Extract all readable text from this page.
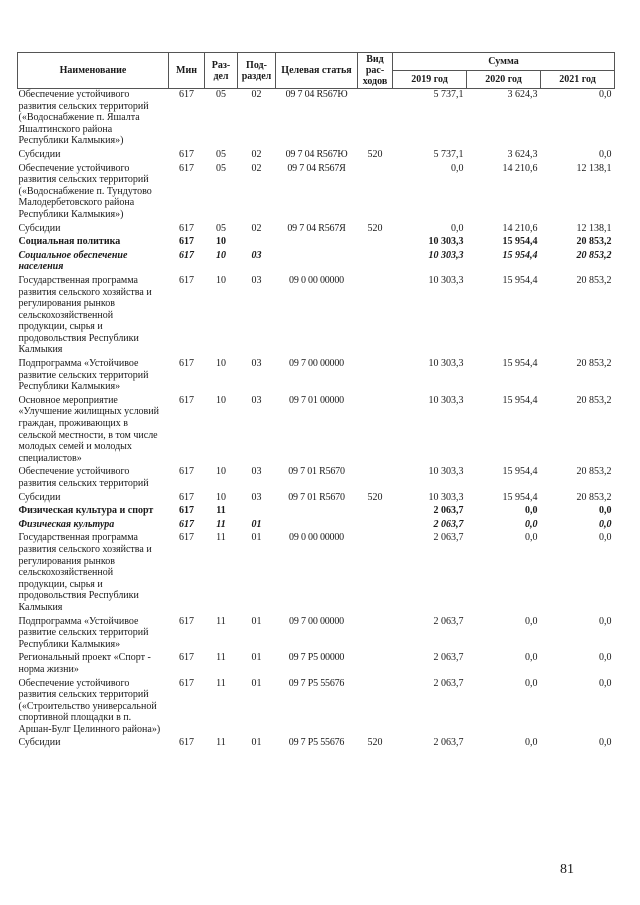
Наименование	Мин	Раз-дел	Под-раздел	Целевая статья	Вид рас-ходов	Сумма		
						2019 год	2020 год	2021 год
Обеспечение устойчивого развития сельских территорий («Водоснабжение п. Яшалта Яшалтинского района Республики Калмыкия»)	617	05	02	09 7 04 R567Ю		5 737,1	3 624,3	0,0
Субсидии	617	05	02	09 7 04 R567Ю	520	5 737,1	3 624,3	0,0
Обеспечение устойчивого развития сельских территорий («Водоснабжение п. Тундутово Малодербетовского района Республики Калмыкия»)	617	05	02	09 7 04 R567Я		0,0	14 210,6	12 138,1
Субсидии	617	05	02	09 7 04 R567Я	520	0,0	14 210,6	12 138,1
Социальная политика	617	10				10 303,3	15 954,4	20 853,2
Социальное обеспечение населения	617	10	03			10 303,3	15 954,4	20 853,2
Государственная программа развития сельского хозяйства и регулирования рынков сельскохозяйственной продукции, сырья и продовольствия Республики Калмыкия	617	10	03	09 0 00 00000		10 303,3	15 954,4	20 853,2
Подпрограмма «Устойчивое развитие сельских территорий Республики Калмыкия»	617	10	03	09 7 00 00000		10 303,3	15 954,4	20 853,2
Основное мероприятие «Улучшение жилищных условий граждан, проживающих в сельской местности, в том числе молодых семей и молодых специалистов»	617	10	03	09 7 01 00000		10 303,3	15 954,4	20 853,2
Обеспечение устойчивого развития сельских территорий	617	10	03	09 7 01 R5670		10 303,3	15 954,4	20 853,2
Субсидии	617	10	03	09 7 01 R5670	520	10 303,3	15 954,4	20 853,2
Физическая культура и спорт	617	11				2 063,7	0,0	0,0
Физическая культура	617	11	01			2 063,7	0,0	0,0
Государственная программа развития сельского хозяйства и регулирования рынков сельскохозяйственной продукции, сырья и продовольствия Республики Калмыкия	617	11	01	09 0 00 00000		2 063,7	0,0	0,0
Подпрограмма «Устойчивое развитие сельских территорий Республики Калмыкия»	617	11	01	09 7 00 00000		2 063,7	0,0	0,0
Региональный проект «Спорт - норма жизни»	617	11	01	09 7 P5 00000		2 063,7	0,0	0,0
Обеспечение устойчивого развития сельских территорий («Строительство универсальной спортивной площадки в п. Аршан-Булг Целинного района»)	617	11	01	09 7 P5 55676		2 063,7	0,0	0,0
Субсидии	617	11	01	09 7 P5 55676	520	2 063,7	0,0	0,0
81
